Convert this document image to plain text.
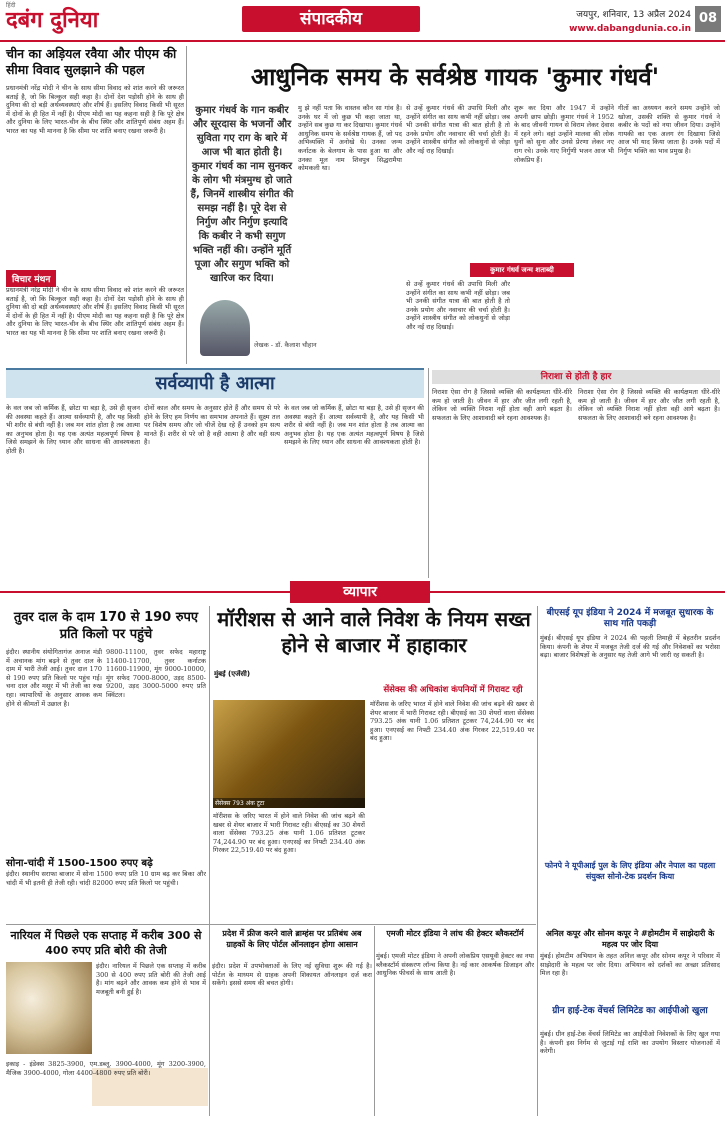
हिंदी
दबंग दुनिया	संपादकीय	जयपुर, शनिवार, 13 अप्रैल 2024
www.dabangdunia.co.in
08
चीन का अड़ियल रवैया और पीएम की सीमा विवाद सुलझाने की पहल
प्रधानमंत्री नरेंद्र मोदी ने चीन के साथ सीमा विवाद को शांत करने की जरूरत बताई है, जो कि बिल्कुल सही कहा है। दोनों देश पड़ोसी होने के साथ ही दुनिया की दो बड़ी अर्थव्यवस्थाएं और शीर्ष हैं। इसलिए विवाद किसी भी सूरत में दोनों के ही हित में नहीं है। पीएम मोदी का यह कहना सही है कि पूरे क्षेत्र और दुनिया के लिए भारत-चीन के बीच स्थिर और शांतिपूर्ण संबंध अहम हैं। भारत का यह भी मानना है कि सीमा पर शांति बनाए रखना जरूरी है।
विचार मंथन
प्रधानमंत्री नरेंद्र मोदी ने चीन के साथ सीमा विवाद को शांत करने की जरूरत बताई है, जो कि बिल्कुल सही कहा है। दोनों देश पड़ोसी होने के साथ ही दुनिया की दो बड़ी अर्थव्यवस्थाएं और शीर्ष हैं। इसलिए विवाद किसी भी सूरत में दोनों के ही हित में नहीं है। पीएम मोदी का यह कहना सही है कि पूरे क्षेत्र और दुनिया के लिए भारत-चीन के बीच स्थिर और शांतिपूर्ण संबंध अहम हैं। भारत का यह भी मानना है कि सीमा पर शांति बनाए रखना जरूरी है।
आधुनिक समय के सर्वश्रेष्ठ गायक 'कुमार गंधर्व'
कुमार गंधर्व के गान कबीर और सूरदास के भजनों और सुविता गए राग के बारे में आज भी बात होती है। कुमार गंधर्व का नाम सुनकर के लोग भी मंत्रमुग्ध हो जाते हैं, जिनमें शास्त्रीय संगीत की समझ नहीं है। पूरे देश से निर्गुण और निर्गुण इत्यादि कि कबीर ने कभी सगुण भक्ति नहीं की। उन्होंने मूर्ति पूजा और सगुण भक्ति को खारिज कर दिया।
लेखक - डॉ. कैलाश चौहान
मु झे नहीं पता कि वास्तव कौन सा गांव है। उनके घर में जो कुछ भी कहा जाता था, उन्होंने सब कुछ गा कर दिखाया। कुमार गंधर्व आधुनिक समय के सर्वश्रेष्ठ गायक हैं, जो पद अभिव्यक्ति में अनोखे थे। उनका जन्म कर्नाटक के बेलगाम के पास हुआ था और उनका मूल नाम शिवपुत्र सिद्धरामैया कोमकली था।
से उन्हें कुमार गंधर्व की उपाधि मिली और उन्होंने संगीत का साथ कभी नहीं छोड़ा। जब भी उनकी संगीत यात्रा की बात होती है तो उनके प्रयोग और नवाचार की चर्चा होती है। उन्होंने शास्त्रीय संगीत को लोकधुनों से जोड़ा और नई राह दिखाई।
कुमार गंधर्व जन्म शताब्दी
से उन्हें कुमार गंधर्व की उपाधि मिली और उन्होंने संगीत का साथ कभी नहीं छोड़ा। जब भी उनकी संगीत यात्रा की बात होती है तो उनके प्रयोग और नवाचार की चर्चा होती है। उन्होंने शास्त्रीय संगीत को लोकधुनों से जोड़ा और नई राह दिखाई।
शुरू कर दिया और 1947 में उन्होंने अपनी छाप छोड़ी। कुमार गंधर्व ने 1952 के बाद जीवनी गायन से विराम लेकर देवास में रहने लगे। वहां उन्होंने मालवा की लोक धुनों को सुना और उनसे प्रेरणा लेकर नए राग रचे। उनके गाए निर्गुणी भजन आज भी लोकप्रिय हैं।
गीतों का अध्ययन करने समय उन्होंने जो खोजा, उसकी शक्ति से कुमार गंधर्व ने कबीर के पदों को नया जीवन दिया। उन्होंने गायकी का एक अलग रंग दिखाया जिसे आज भी याद किया जाता है। उनके पदों में निर्गुण भक्ति का भाव प्रमुख है।
सर्वव्यापी है आत्मा
के वल जब जो कर्मिक हैं, छोटा या बड़ा है, उसे ही सृजन की अवस्था कहते हैं। आत्मा सर्वव्यापी है, और यह किसी भी शरीर से बंधी नहीं है। जब मन शांत होता है तब आत्मा का अनुभव होता है। यह एक अत्यंत महत्वपूर्ण विषय है जिसे समझने के लिए ध्यान और साधना की आवश्यकता होती है।
दोनों काल और समय के अनुसार होते हैं और समय से परे होने के लिए हम निर्णय का समभाव अपनाते हैं। सूक्ष्म तल पर विशेष समय और जो चीजें देख रहे हैं उनको हम सत्य मानते हैं। शरीर से परे जो है वही आत्मा है और वही सत्य है।
के वल जब जो कर्मिक हैं, छोटा या बड़ा है, उसे ही सृजन की अवस्था कहते हैं। आत्मा सर्वव्यापी है, और यह किसी भी शरीर से बंधी नहीं है। जब मन शांत होता है तब आत्मा का अनुभव होता है। यह एक अत्यंत महत्वपूर्ण विषय है जिसे समझने के लिए ध्यान और साधना की आवश्यकता होती है।
निराशा से होती है हार
निराशा ऐसा रोग है जिससे व्यक्ति की कार्यक्षमता धीरे-धीरे कम हो जाती है। जीवन में हार और जीत लगी रहती है, लेकिन जो व्यक्ति निराश नहीं होता वही आगे बढ़ता है। सफलता के लिए आशावादी बने रहना आवश्यक है।
निराशा ऐसा रोग है जिससे व्यक्ति की कार्यक्षमता धीरे-धीरे कम हो जाती है। जीवन में हार और जीत लगी रहती है, लेकिन जो व्यक्ति निराश नहीं होता वही आगे बढ़ता है। सफलता के लिए आशावादी बने रहना आवश्यक है।
व्यापार
तुवर दाल के दाम 170 से 190 रुपए प्रति किलो पर पहुंचे
इंदौर। स्थानीय संयोगितागंज अनाज मंडी में अचानक मांग बढ़ने से तुवर दाल के दाम में भारी तेजी आई। तुवर दाल 170 से 190 रुपए प्रति किलो पर पहुंच गई। चना दाल और मसूर में भी तेजी का रुख रहा। व्यापारियों के अनुसार आवक कम होने से कीमतों में उछाल है।
9800-11100, तुवर सफेद महाराष्ट्र 11400-11700, तुवर कर्नाटक 11600-11900, मूंग 9000-10000, मूंग सफेद 7000-8000, उड़द 8500-9200, उड़द 3000-5000 रुपए प्रति क्विंटल।
सोना-चांदी में 1500-1500 रुपए बढ़े
इंदौर। स्थानीय सराफा बाजार में सोना 1500 रुपए प्रति 10 ग्राम बढ़ कर बिका और चांदी में भी इतनी ही तेजी रही। चांदी 82000 रुपए प्रति किलो पर पहुंची।
मॉरीशस से आने वाले निवेश के नियम सख्त होने से बाजार में हाहाकार
मुंबई (एजेंसी)
सेंसेक्स की अधिकांश कंपनियों में गिरावट रही
सेंसेक्स 793 अंक टूटा
मॉरीशस के जरिए भारत में होने वाले निवेश की जांच बढ़ने की खबर से शेयर बाजार में भारी गिरावट रही। बीएसई का 30 शेयरों वाला सेंसेक्स 793.25 अंक यानी 1.06 प्रतिशत टूटकर 74,244.90 पर बंद हुआ। एनएसई का निफ्टी 234.40 अंक गिरकर 22,519.40 पर बंद हुआ।
मॉरीशस के जरिए भारत में होने वाले निवेश की जांच बढ़ने की खबर से शेयर बाजार में भारी गिरावट रही। बीएसई का 30 शेयरों वाला सेंसेक्स 793.25 अंक यानी 1.06 प्रतिशत टूटकर 74,244.90 पर बंद हुआ। एनएसई का निफ्टी 234.40 अंक गिरकर 22,519.40 पर बंद हुआ।
बीएसई यूप इंडिया ने 2024 में मजबूत सुधारक के साथ गति पकड़ी
मुंबई। बीएसई यूप इंडिया ने 2024 की पहली तिमाही में बेहतरीन प्रदर्शन किया। कंपनी के शेयर में मजबूत तेजी दर्ज की गई और निवेशकों का भरोसा बढ़ा। बाजार विशेषज्ञों के अनुसार यह तेजी आगे भी जारी रह सकती है।
फोनपे ने यूपीआई पुल के लिए इंडिया और नेपाल का पहला संयुक्त सोनो-टेक प्रदर्शन किया
नारियल में पिछले एक सप्ताह में करीब 300 से 400 रुपए प्रति बोरी की तेजी
इंदौर। नारियल में पिछले एक सप्ताह में करीब 300 से 400 रुपए प्रति बोरी की तेजी आई है। मांग बढ़ने और आवक कम होने से भाव में मजबूती बनी हुई है।
इकाइ - इंडेक्स 3825-3900, एम.डब्लू. 3900-4000, मूंग 3200-3900, मैजिक 3900-4000, गोला 4400-4800 रुपए प्रति बोरी।
प्रदेश में फ्रीज करने वाले ब्राम्हंस पर प्रतिबंध अब ग्राहकों के लिए पोर्टल ऑनलाइन होगा आसान
इंदौर। प्रदेश में उपभोक्ताओं के लिए नई सुविधा शुरू की गई है। पोर्टल के माध्यम से ग्राहक अपनी शिकायत ऑनलाइन दर्ज करा सकेंगे। इससे समय की बचत होगी।
एमजी मोटर इंडिया ने लांच की हेक्टर ब्लैकस्टॉर्म
मुंबई। एमजी मोटर इंडिया ने अपनी लोकप्रिय एसयूवी हेक्टर का नया ब्लैकस्टॉर्म संस्करण लॉन्च किया है। नई कार आकर्षक डिजाइन और आधुनिक फीचर्स के साथ आती है।
अनिल कपूर और सोनम कपूर ने #होमटीम में साझेदारी के महत्व पर जोर दिया
मुंबई। होमटीम अभियान के तहत अनिल कपूर और सोनम कपूर ने परिवार में साझेदारी के महत्व पर जोर दिया। अभियान को दर्शकों का अच्छा प्रतिसाद मिल रहा है।
ग्रीन हाई-टेक वेंचर्स लिमिटेड का आईपीओ खुला
मुंबई। ग्रीन हाई-टेक वेंचर्स लिमिटेड का आईपीओ निवेशकों के लिए खुल गया है। कंपनी इस निर्गम से जुटाई गई राशि का उपयोग विस्तार योजनाओं में करेगी।
